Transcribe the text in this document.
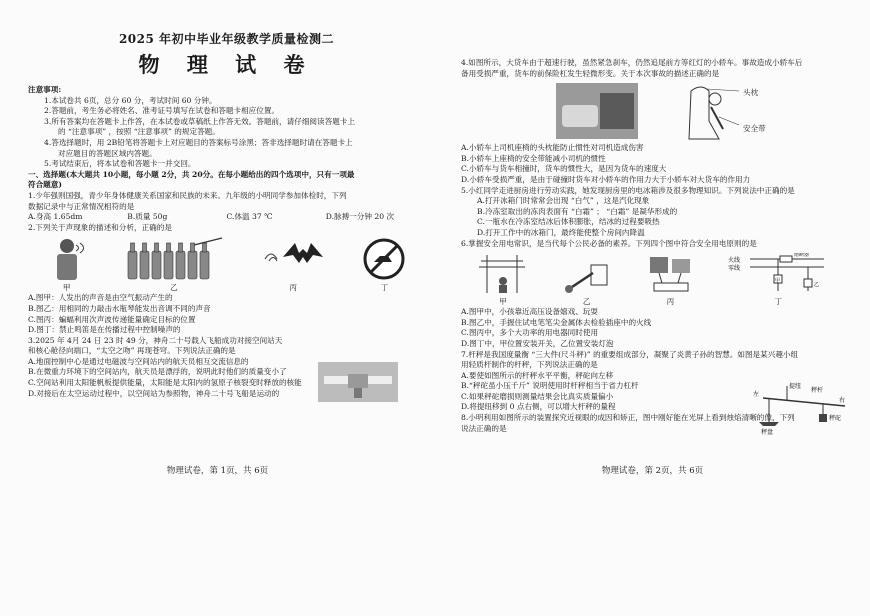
2025 年初中毕业年级教学质量检测二
物 理 试 卷
注意事项:
1.本试卷共 6页，总分 60 分，考试时间 60 分钟。
2.答题前，考生务必将姓名、准考证号填写在试卷和答题卡相应位置。
3.所有答案均在答题卡上作答，在本试卷或草稿纸上作答无效。答题前，请仔细阅读答题卡上
的 “注意事项” ，按照 “注意事项” 的规定答题。
4.答选择题时，用 2B铅笔将答题卡上对应题目的答案标号涂黑；答非选择题时请在答题卡上
对应题目的答题区域内答题。
5.考试结束后，将本试卷和答题卡一并交回。
一、选择题(本大题共 10小题，每小题 2分，共 20分。在每小题给出的四个选项中，只有一项最
符合题意)
1.少年强则国强，青少年身体健康关系国家和民族的未来。九年级的小明同学参加体检时，下列
数据记录中与正常情况相符的是
A.身高 1.65dm	B.质量 50g	C.体温 37 ℃	D.脉搏一分钟 20 次
2.下列关于声现象的描述和分析，正确的是
甲	乙	丙	丁
A.图甲：人发出的声音是由空气振动产生的
B.图乙：用相同的力敲击水瓶琴能发出音调不同的声音
C.图丙：蝙蝠利用次声波传递能量确定目标的位置
D.图丁：禁止鸣笛是在传播过程中控制噪声的
3.2025 年 4月 24 日 23 时 49 分，神舟二十号载人飞船成功对接空间站天
和核心舱径向端口，“太空之吻” 再现苍穹。下列说法正确的是
A.地面控制中心是通过电磁波与空间站内的航天员相互交流信息的
B.在微重力环境下的空间站内，航天员是漂浮的，说明此时他们的质量变小了
C.空间站利用太阳能帆板提供能量，太阳能是太阳内的氢原子核裂变时释放的核能
D.对接后在太空运动过程中，以空间站为参照物，神舟二十号飞船是运动的
物理试卷，第 1页，共 6页
4.如图所示，大货车由于超速行驶，虽然紧急刹车，仍然追尾前方等红灯的小轿车。事故造成小轿车后
备用受损严重，货车的前保险杠发生轻微形变。关于本次事故的描述正确的是
头枕
安全带
A.小轿车上司机座椅的头枕能防止惯性对司机造成伤害
B.小轿车上座椅的安全带能减小司机的惯性
C.小轿车与货车相撞时，货车的惯性大，是因为货车的速度大
D.小轿车受损严重，是由于碰撞时货车对小轿车的作用力大于小轿车对大货车的作用力
5.小红同学走进厨房进行劳动实践，她发现厨房里的电冰箱涉及很多物理知识。下列说法中正确的是
A.打开冰箱门时常常会出现 “白气” ，这是汽化现象
B.冷冻室取出的冻肉表面有 “白霜” ； “白霜” 是凝华形成的
C.一瓶水在冷冻室结冰后体积膨胀，结冰的过程要吸热
D.打开工作中的冰箱门，最终能使整个房间内降温
6.掌握安全用电常识，是当代每个公民必备的素养。下列四个图中符合安全用电原则的是
甲	乙	丙
火线
零线
熔断器
甲
乙
丁
A.图甲中，小孩靠近高压设备嬉戏、玩耍
B.图乙中，手握住试电笔笔尖金属体去检验插座中的火线
C.图丙中，多个大功率的用电器同时使用
D.图丁中，甲位置安装开关，乙位置安装灯泡
7.杆秤是我国度量衡 “三大件(尺斗秤)” 的重要组成部分，凝聚了炎黄子孙的智慧。如图是某兴趣小组
用轻质杆制作的杆秤，下列说法正确的是
A.要使如图所示的杆秤水平平衡，秤砣向左移
B.“秤砣虽小压千斤” 说明使用时杆秤相当于省力杠杆
C.如果秤砣磨损则测量结果会比真实质量偏小
D.将提纽移到 0 点右侧，可以增大杆秤的量程
提纽
秤杆
左
右
秤砣
秤盘
8.小明利用如图所示的装置探究近视眼的成因和矫正，图中刚好能在光屏上看到烛焰清晰的像，下列
说法正确的是
物理试卷，第 2页，共 6页
